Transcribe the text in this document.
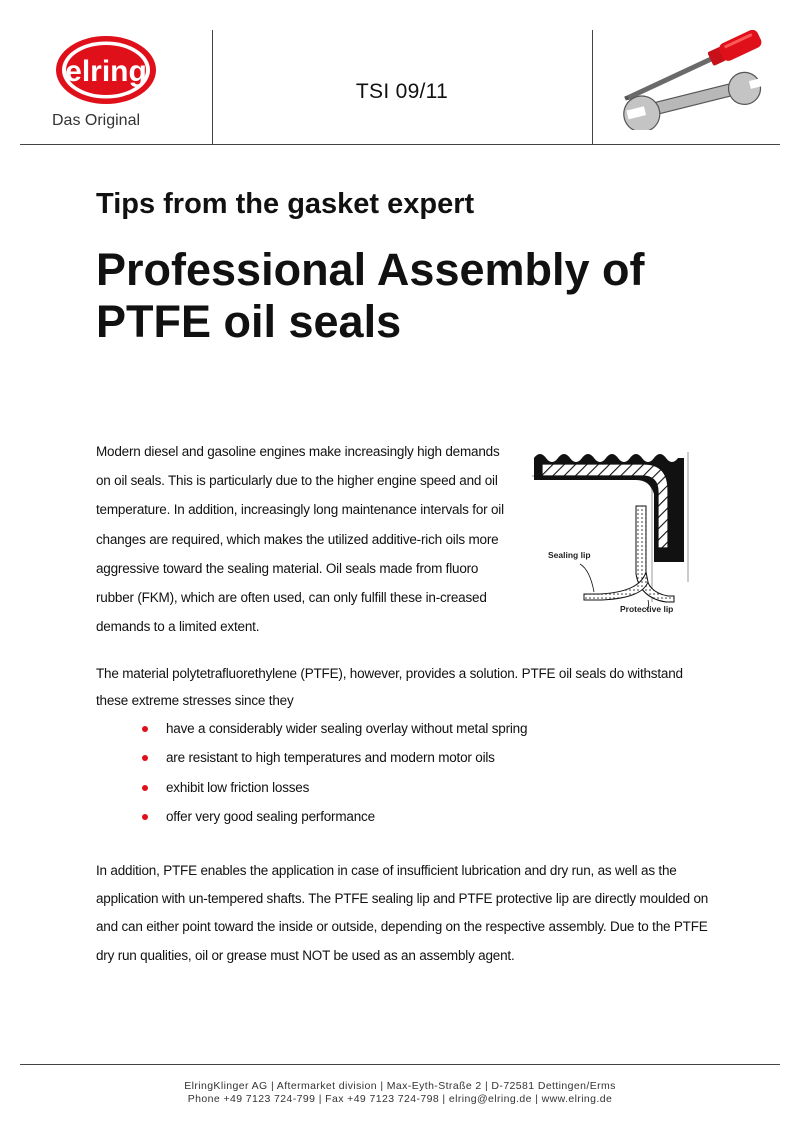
elring
Das Original
TSI 09/11
Tips from the gasket expert
Professional Assembly of
PTFE oil seals
Modern diesel and gasoline engines make increasingly high demands on oil seals. This is particularly due to the higher engine speed and oil temperature. In addition, increasingly long maintenance intervals for oil changes are required, which makes the utilized additive-rich oils more aggressive toward the sealing material. Oil seals made from fluoro rubber (FKM), which are often used, can only fulfill these in-creased demands to a limited extent.
Sealing lip
Protective lip
The material polytetrafluorethylene (PTFE), however, provides a solution. PTFE oil seals do withstand these extreme stresses since they
have a considerably wider sealing overlay without metal spring
are resistant to high temperatures and modern motor oils
exhibit low friction losses
offer very good sealing performance
In addition, PTFE enables the application in case of insufficient lubrication and dry run, as well as the application with un-tempered shafts. The PTFE sealing lip and PTFE protective lip are directly moulded on and can either point toward the inside or outside, depending on the respective assembly. Due to the PTFE dry run qualities, oil or grease must NOT be used as an assembly agent.
ElringKlinger AG | Aftermarket division | Max-Eyth-Straße 2 | D-72581 Dettingen/Erms
Phone +49 7123 724-799 | Fax +49 7123 724-798 | elring@elring.de | www.elring.de
